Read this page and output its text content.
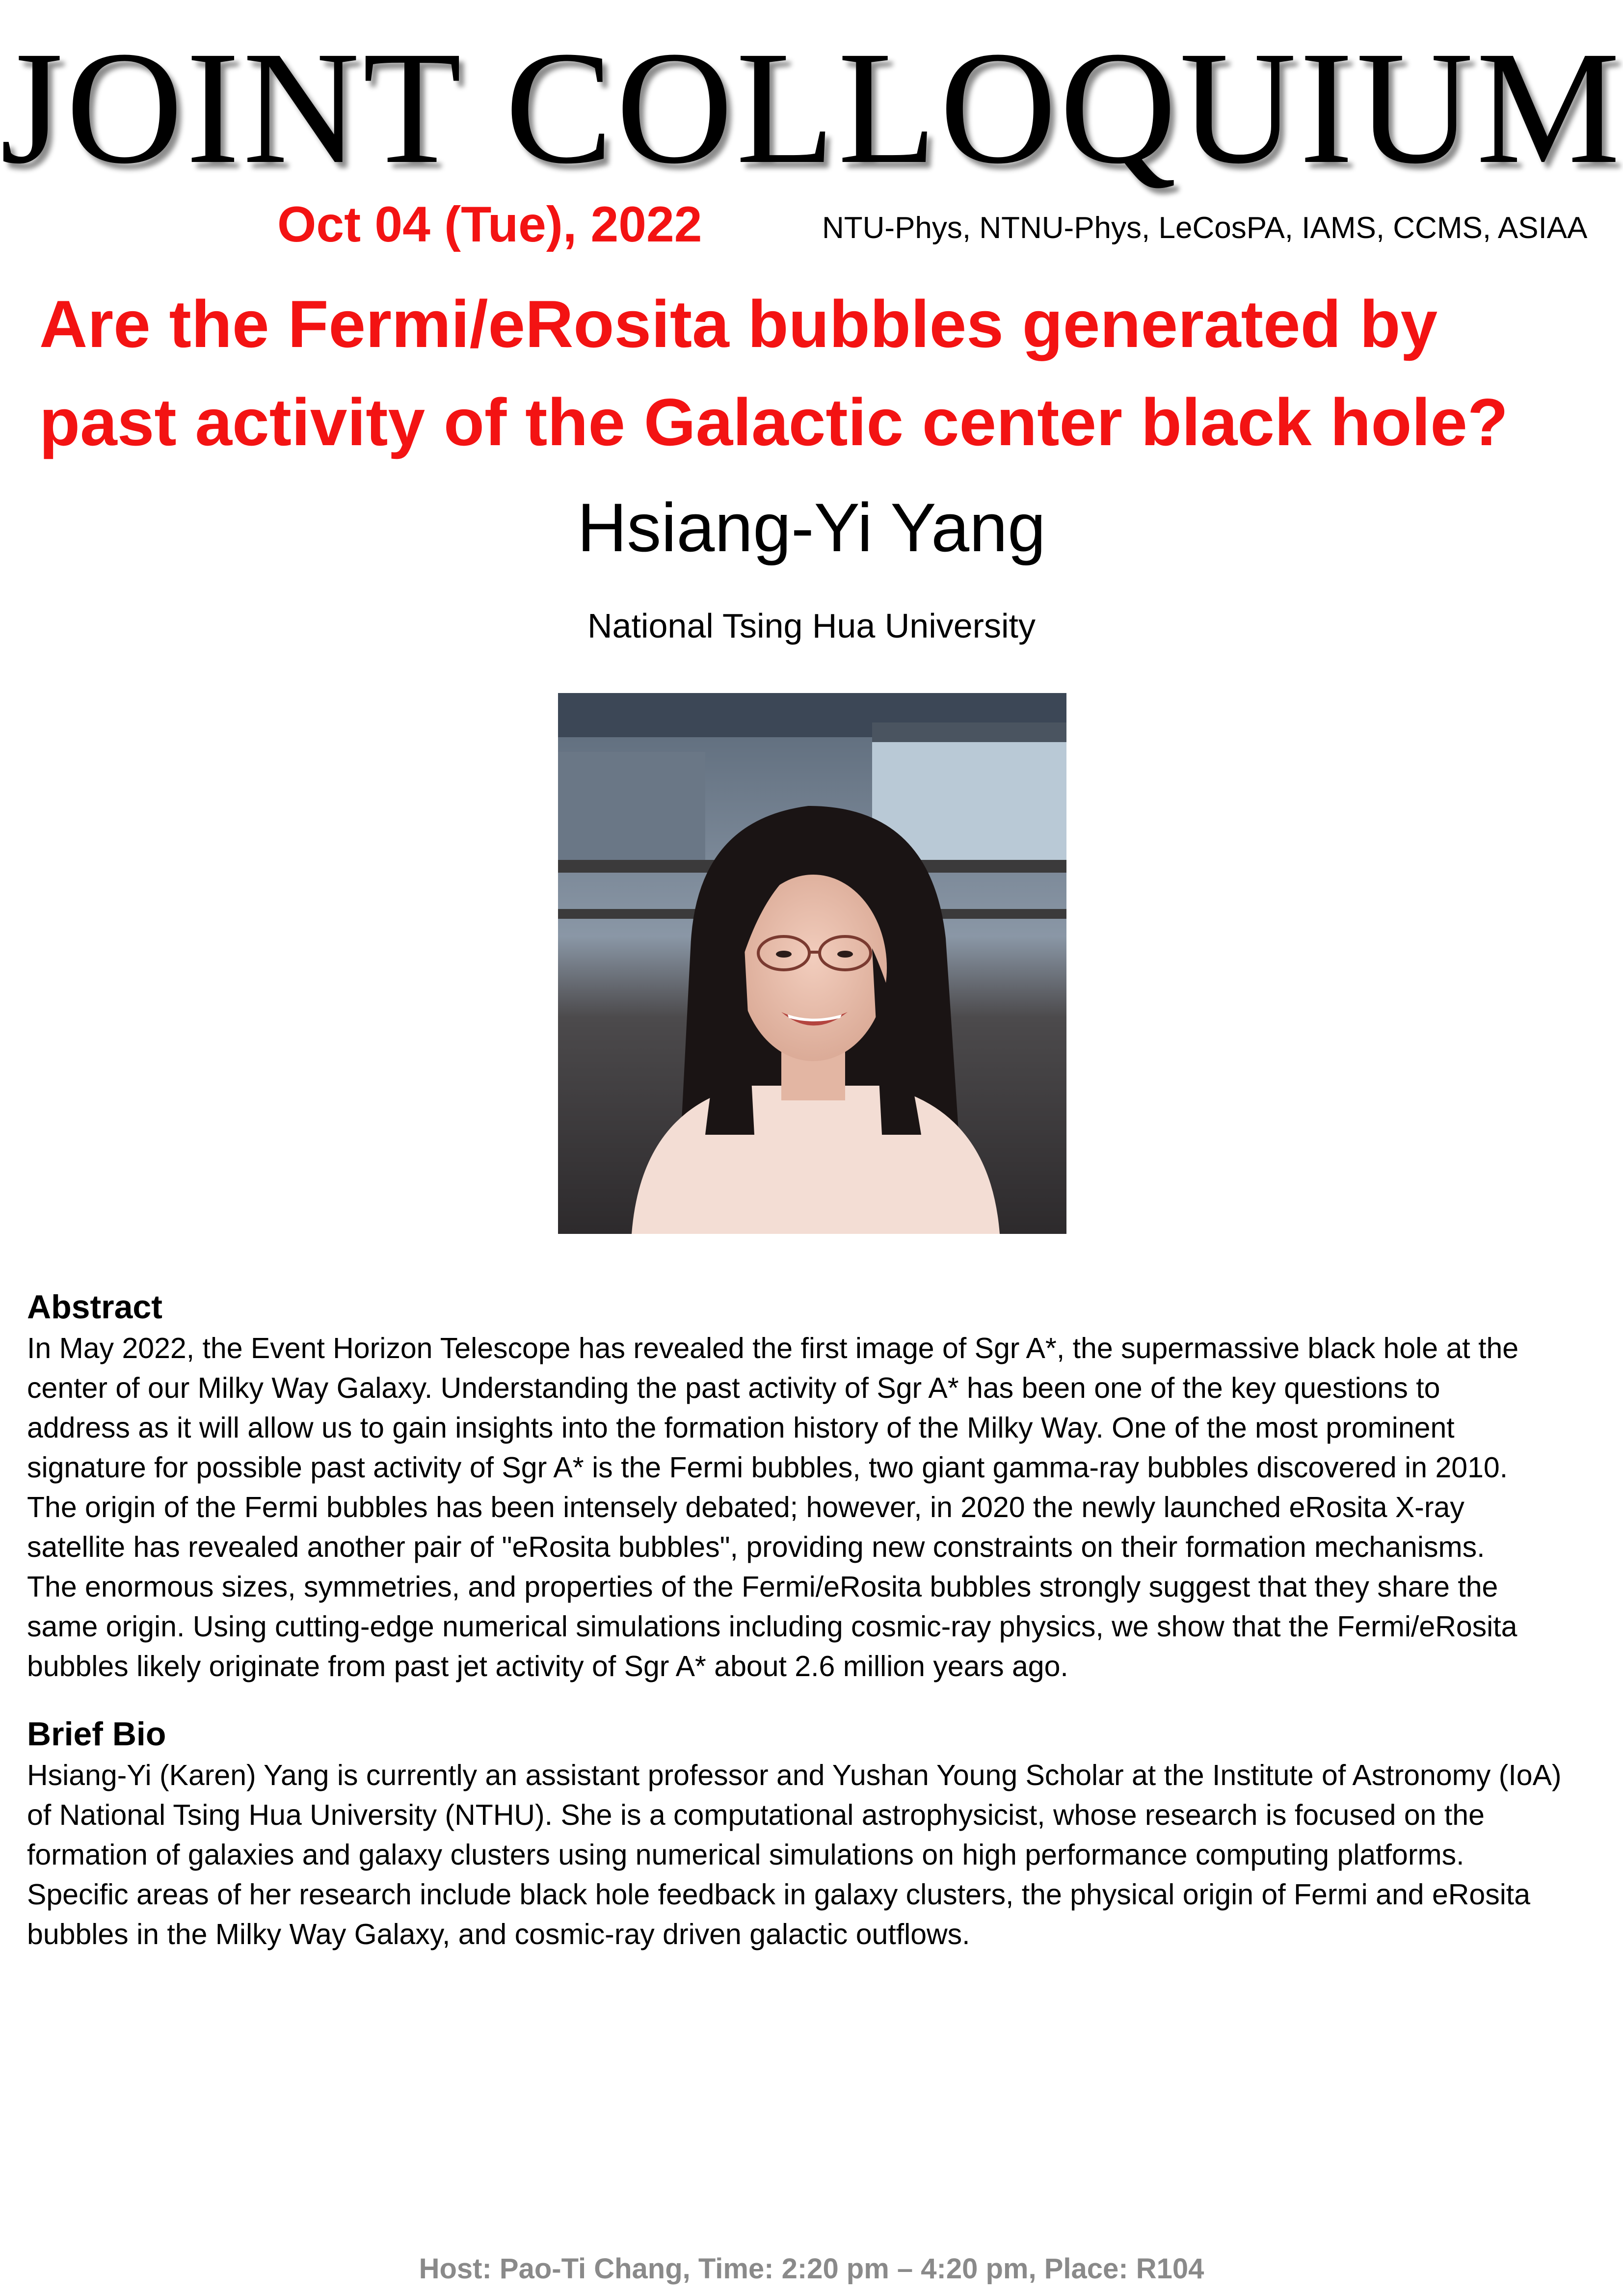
JOINT COLLOQUIUM
Oct 04 (Tue), 2022	NTU-Phys, NTNU-Phys, LeCosPA, IAMS, CCMS, ASIAA
Are the Fermi/eRosita bubbles generated by
past activity of the Galactic center black hole?
Hsiang-Yi Yang
National Tsing Hua University
Abstract
In May 2022, the Event Horizon Telescope has revealed the first image of Sgr A*, the supermassive black hole at the
center of our Milky Way Galaxy. Understanding the past activity of Sgr A* has been one of the key questions to
address as it will allow us to gain insights into the formation history of the Milky Way. One of the most prominent
signature for possible past activity of Sgr A* is the Fermi bubbles, two giant gamma-ray bubbles discovered in 2010.
The origin of the Fermi bubbles has been intensely debated; however, in 2020 the newly launched eRosita X-ray
satellite has revealed another pair of "eRosita bubbles", providing new constraints on their formation mechanisms.
The enormous sizes, symmetries, and properties of the Fermi/eRosita bubbles strongly suggest that they share the
same origin. Using cutting-edge numerical simulations including cosmic-ray physics, we show that the Fermi/eRosita
bubbles likely originate from past jet activity of Sgr A* about 2.6 million years ago.
Brief Bio
Hsiang-Yi (Karen) Yang is currently an assistant professor and Yushan Young Scholar at the Institute of Astronomy (IoA)
of National Tsing Hua University (NTHU). She is a computational astrophysicist, whose research is focused on the
formation of galaxies and galaxy clusters using numerical simulations on high performance computing platforms.
Specific areas of her research include black hole feedback in galaxy clusters, the physical origin of Fermi and eRosita
bubbles in the Milky Way Galaxy, and cosmic-ray driven galactic outflows.
Host: Pao-Ti Chang, Time: 2:20 pm – 4:20 pm, Place: R104
